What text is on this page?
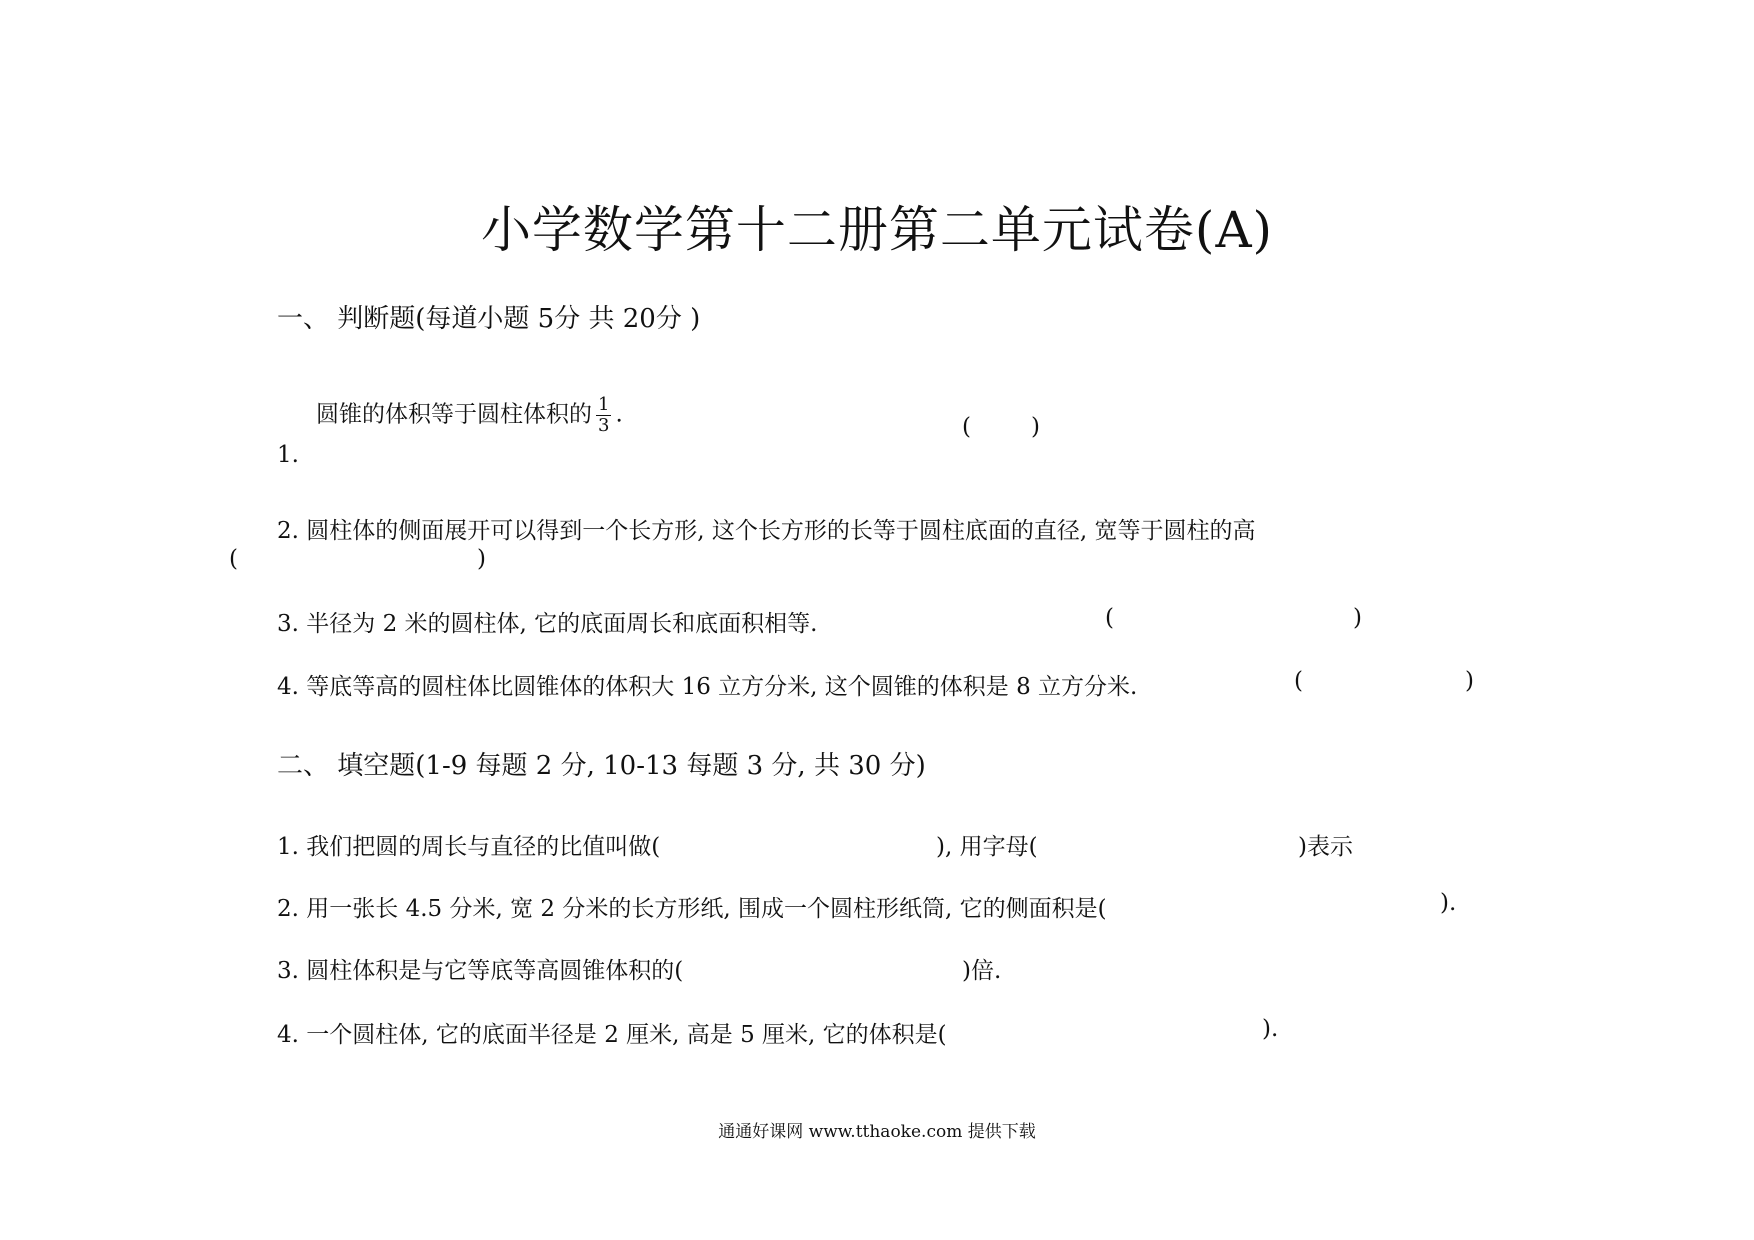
小学数学第十二册第二单元试卷(A)
一、 判断题(每道小题 5分 共 20分 )
圆锥的体积等于圆柱体积的 $\frac{1}{3}$ .
1.
(	)
2. 圆柱体的侧面展开可以得到一个长方形, 这个长方形的长等于圆柱底面的直径, 宽等于圆柱的高
(	)
3. 半径为 2 米的圆柱体, 它的底面周长和底面积相等.	(	)
4. 等底等高的圆柱体比圆锥体的体积大 16 立方分米, 这个圆锥的体积是 8 立方分米.	(	)
二、 填空题(1-9 每题 2 分, 10-13 每题 3 分, 共 30 分)
1. 我们把圆的周长与直径的比值叫做(	), 用字母(	)表示
2. 用一张长 4.5 分米, 宽 2 分米的长方形纸, 围成一个圆柱形纸筒, 它的侧面积是(	).
3. 圆柱体积是与它等底等高圆锥体积的(	)倍.
4. 一个圆柱体, 它的底面半径是 2 厘米, 高是 5 厘米, 它的体积是(	).
通通好课网 www.tthaoke.com 提供下载
